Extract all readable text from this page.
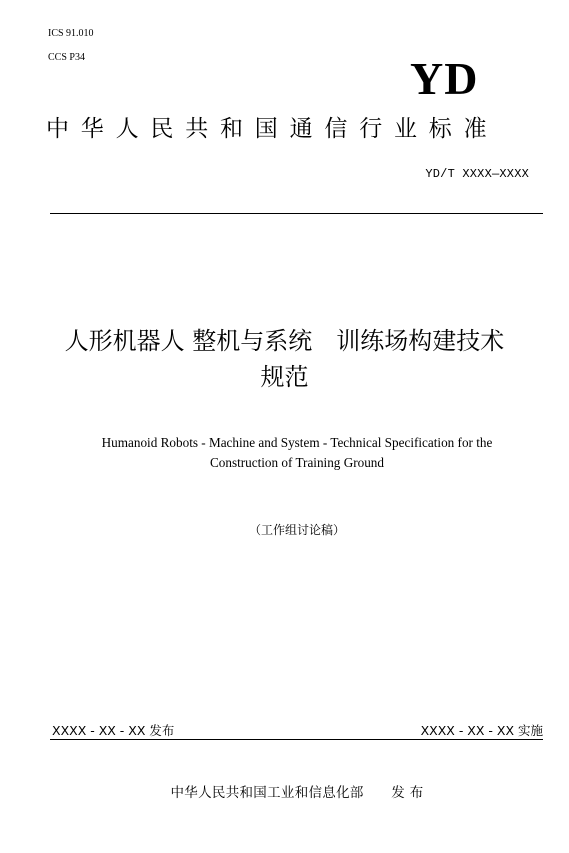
ICS 91.010
CCS P34	YD
中华人民共和国通信行业标准
YD/T XXXX—XXXX
人形机器人 整机与系统　训练场构建技术
规范
Humanoid Robots - Machine and System - Technical Specification for the
Construction of Training Ground
（工作组讨论稿）
XXXX - XX - XX 发布	XXXX - XX - XX 实施
中华人民共和国工业和信息化部　　发 布
